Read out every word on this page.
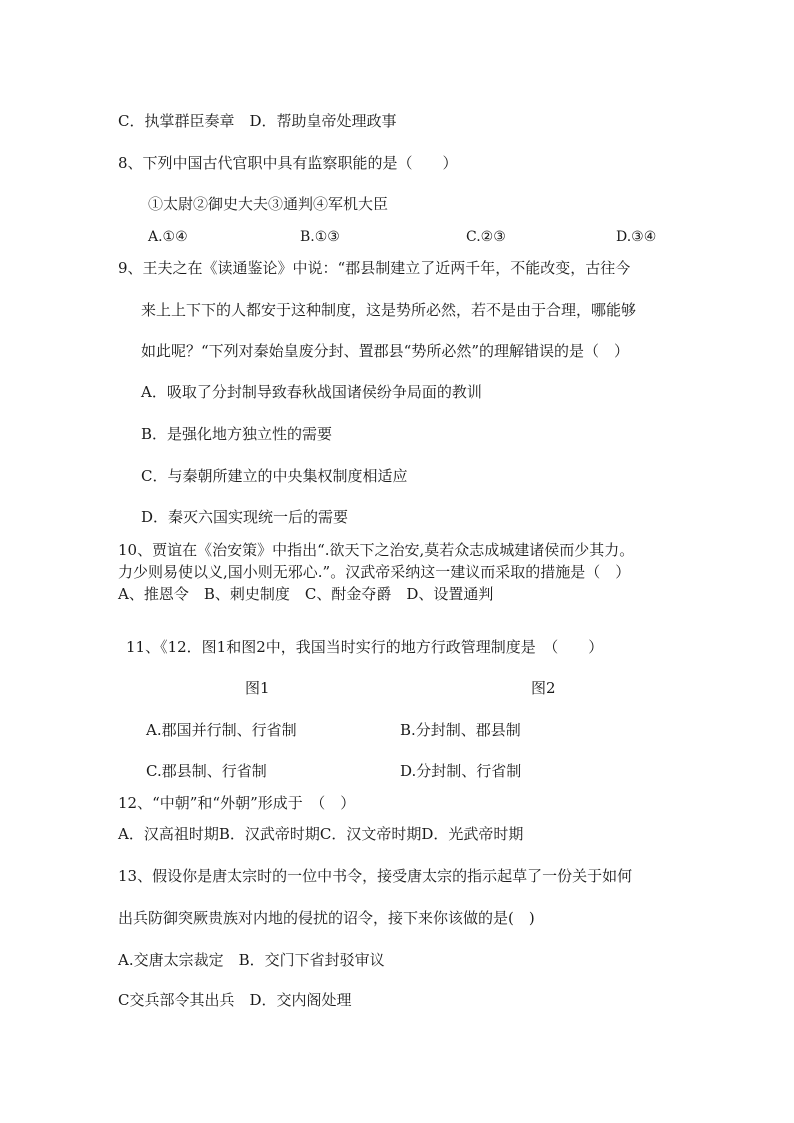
C．执掌群臣奏章　D．帮助皇帝处理政事
8、下列中国古代官职中具有监察职能的是（　　）
①太尉②御史大夫③通判④军机大臣
A.①④	B.①③	C.②③	D.③④
9、王夫之在《读通鉴论》中说：“郡县制建立了近两千年，不能改变，古往今
来上上下下的人都安于这种制度，这是势所必然，若不是由于合理，哪能够
如此呢？“下列对秦始皇废分封、置郡县“势所必然”的理解错误的是（　）
A．吸取了分封制导致春秋战国诸侯纷争局面的教训
B．是强化地方独立性的需要
C．与秦朝所建立的中央集权制度相适应
D．秦灭六国实现统一后的需要
10、贾谊在《治安策》中指出“.欲天下之治安,莫若众志成城建诸侯而少其力。
力少则易使以义,国小则无邪心.”。汉武帝采纳这一建议而采取的措施是（　）
A、推恩令　B、刺史制度　C、酎金夺爵　D、设置通判
11、《12．图1和图2中，我国当时实行的地方行政管理制度是　（　　）
图1	图2
A.郡国并行制、行省制	B.分封制、郡县制
C.郡县制、行省制	D.分封制、行省制
12、“中朝”和“外朝”形成于　（　）
A．汉高祖时期B．汉武帝时期C．汉文帝时期D．光武帝时期
13、假设你是唐太宗时的一位中书令，接受唐太宗的指示起草了一份关于如何
出兵防御突厥贵族对内地的侵扰的诏令，接下来你该做的是(　)
A.交唐太宗裁定　B．交门下省封驳审议
C交兵部令其出兵　D．交内阁处理
